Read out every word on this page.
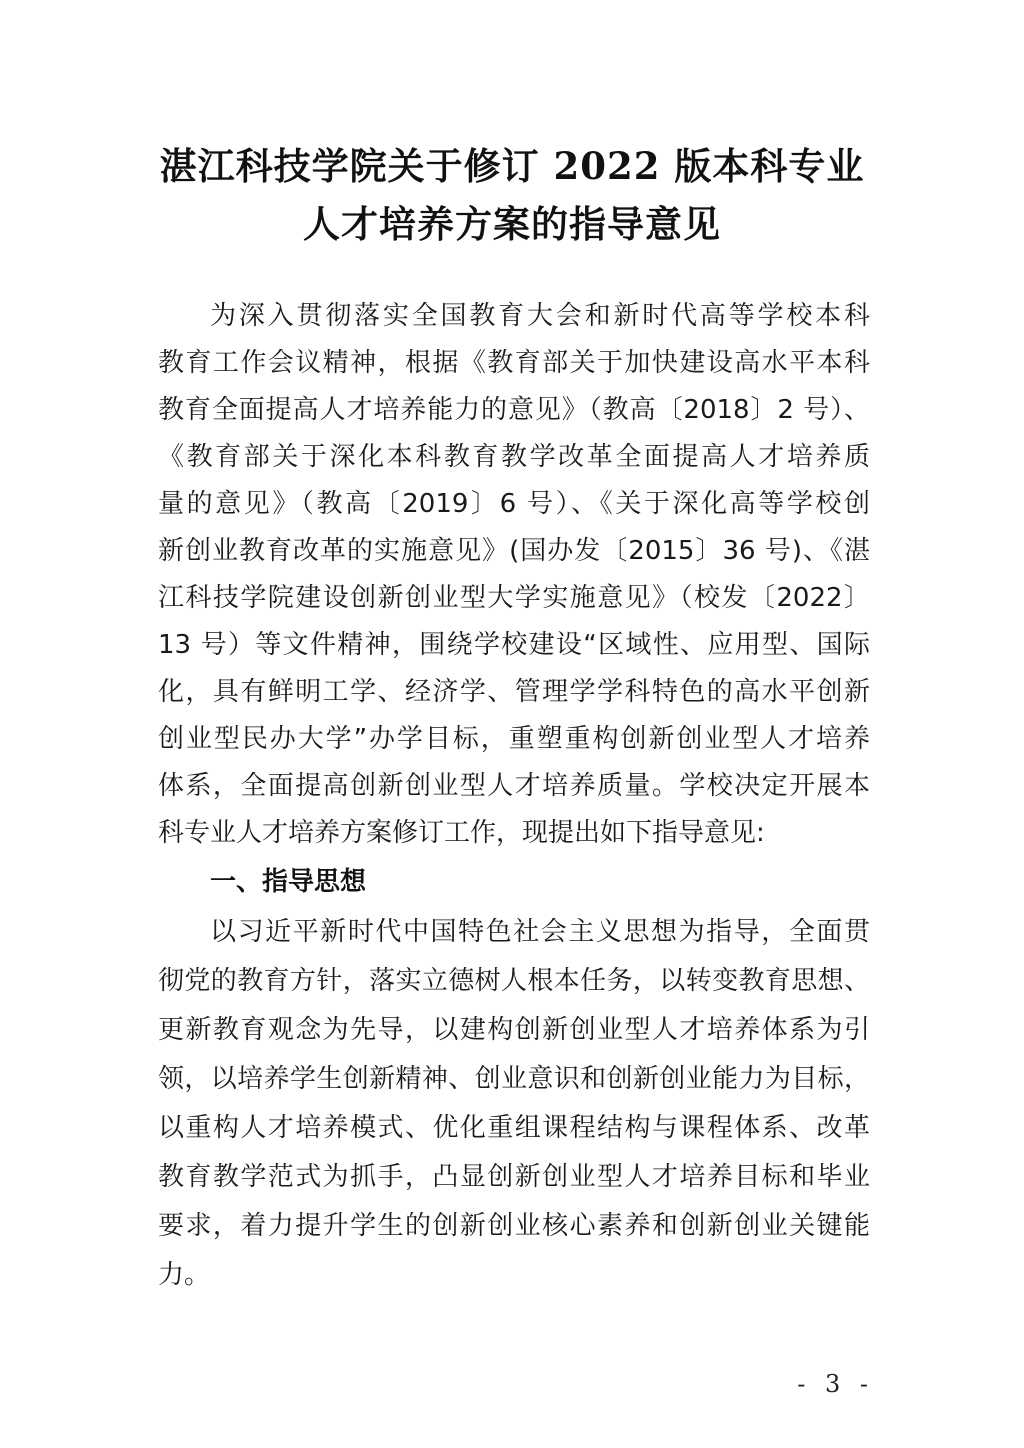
湛江科技学院关于修订 2022 版本科专业
人才培养方案的指导意见
为深入贯彻落实全国教育大会和新时代高等学校本科
教育工作会议精神，根据《教育部关于加快建设高水平本科
教育全面提高人才培养能力的意见》（教高〔2018〕2 号）、
《教育部关于深化本科教育教学改革全面提高人才培养质
量的意见》（教高〔2019〕6 号）、《关于深化高等学校创
新创业教育改革的实施意见》(国办发〔2015〕36 号)、《湛
江科技学院建设创新创业型大学实施意见》（校发〔2022〕
13 号）等文件精神，围绕学校建设“区域性、应用型、国际
化，具有鲜明工学、经济学、管理学学科特色的高水平创新
创业型民办大学”办学目标，重塑重构创新创业型人才培养
体系，全面提高创新创业型人才培养质量。学校决定开展本
科专业人才培养方案修订工作，现提出如下指导意见:
一、指导思想
以习近平新时代中国特色社会主义思想为指导，全面贯
彻党的教育方针，落实立德树人根本任务，以转变教育思想、
更新教育观念为先导，以建构创新创业型人才培养体系为引
领，以培养学生创新精神、创业意识和创新创业能力为目标，
以重构人才培养模式、优化重组课程结构与课程体系、改革
教育教学范式为抓手，凸显创新创业型人才培养目标和毕业
要求，着力提升学生的创新创业核心素养和创新创业关键能
力。
- 3 -
